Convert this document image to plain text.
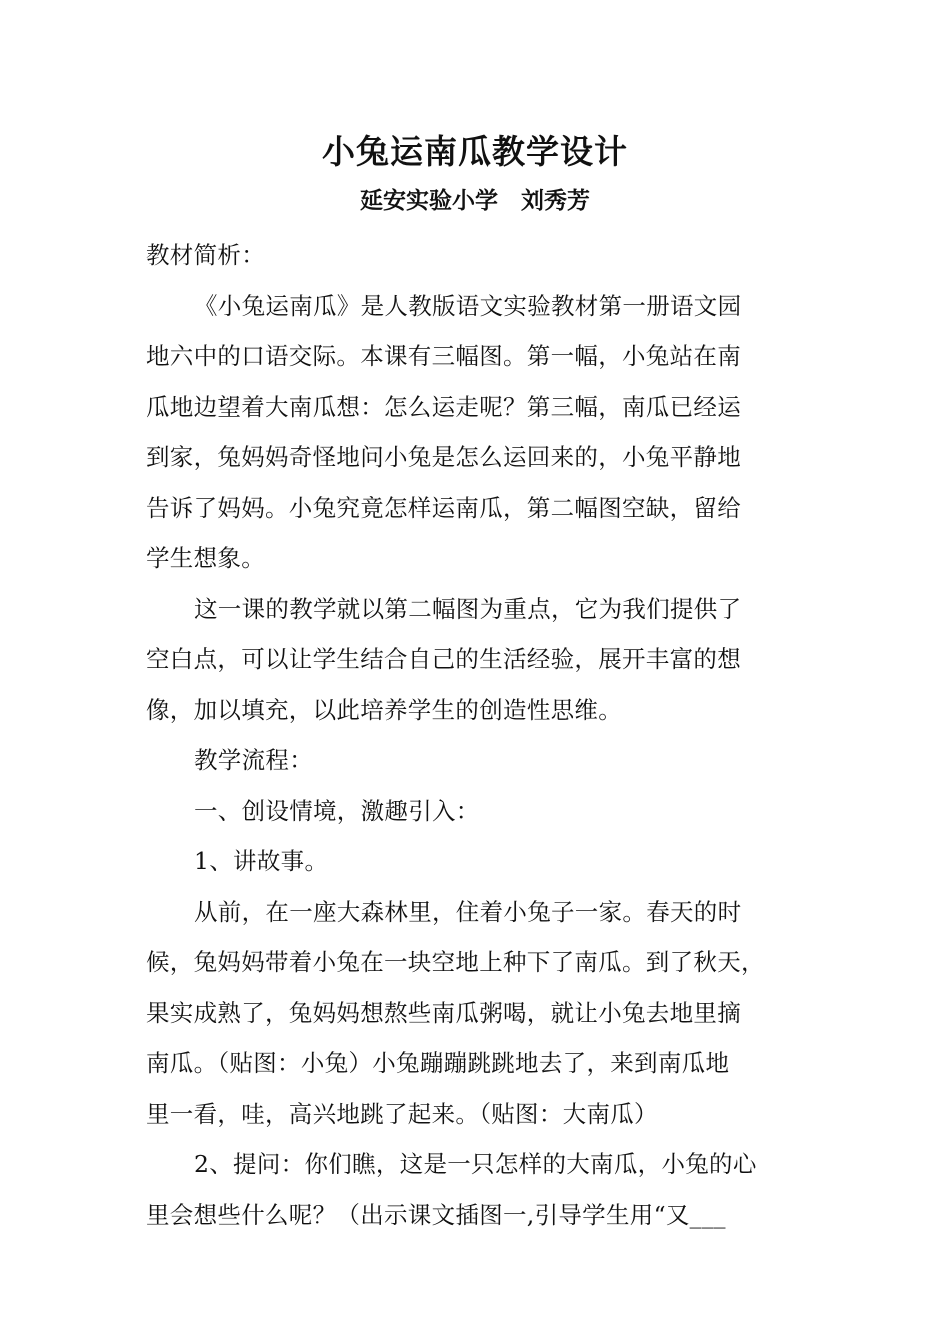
小兔运南瓜教学设计
延安实验小学　刘秀芳
教材简析：
《小兔运南瓜》是人教版语文实验教材第一册语文园
地六中的口语交际。本课有三幅图。第一幅，小兔站在南
瓜地边望着大南瓜想：怎么运走呢？第三幅，南瓜已经运
到家，兔妈妈奇怪地问小兔是怎么运回来的，小兔平静地
告诉了妈妈。小兔究竟怎样运南瓜，第二幅图空缺，留给
学生想象。
这一课的教学就以第二幅图为重点，它为我们提供了
空白点，可以让学生结合自己的生活经验，展开丰富的想
像，加以填充，以此培养学生的创造性思维。
教学流程：
一、创设情境，激趣引入：
1、讲故事。
从前，在一座大森林里，住着小兔子一家。春天的时
候，兔妈妈带着小兔在一块空地上种下了南瓜。到了秋天，
果实成熟了，兔妈妈想熬些南瓜粥喝，就让小兔去地里摘
南瓜。（贴图：小兔）小兔蹦蹦跳跳地去了，来到南瓜地
里一看，哇，高兴地跳了起来。（贴图：大南瓜）
2、提问：你们瞧，这是一只怎样的大南瓜，小兔的心
里会想些什么呢？（出示课文插图一,引导学生用“又___
